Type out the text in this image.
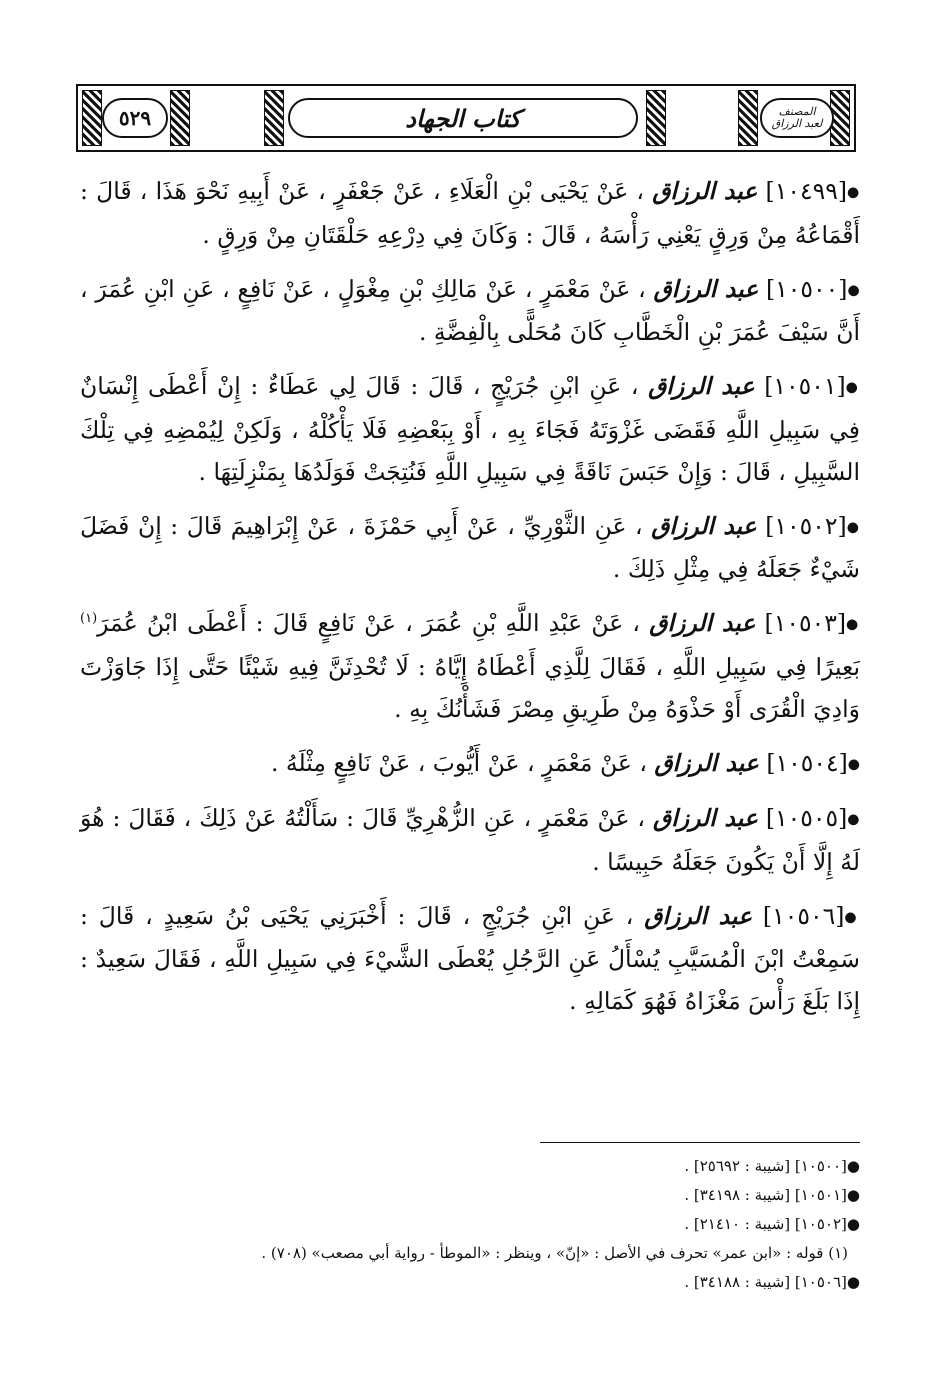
٥٢٩	كتاب الجهاد	المصنف
لعبد الرزاق
●[١٠٤٩٩] عبد الرزاق ، عَنْ يَحْيَى بْنِ الْعَلَاءِ ، عَنْ جَعْفَرٍ ، عَنْ أَبِيهِ نَحْوَ هَذَا ، قَالَ : أَقْمَاعُهُ مِنْ وَرِقٍ يَعْنِي رَأْسَهُ ، قَالَ : وَكَانَ فِي دِرْعِهِ حَلْقَتَانِ مِنْ وَرِقٍ .
●[١٠٥٠٠] عبد الرزاق ، عَنْ مَعْمَرٍ ، عَنْ مَالِكِ بْنِ مِغْوَلٍ ، عَنْ نَافِعٍ ، عَنِ ابْنِ عُمَرَ ، أَنَّ سَيْفَ عُمَرَ بْنِ الْخَطَّابِ كَانَ مُحَلًّى بِالْفِضَّةِ .
●[١٠٥٠١] عبد الرزاق ، عَنِ ابْنِ جُرَيْجٍ ، قَالَ : قَالَ لِي عَطَاءٌ : إِنْ أَعْطَى إِنْسَانٌ فِي سَبِيلِ اللَّهِ فَقَضَى غَزْوَتَهُ فَجَاءَ بِهِ ، أَوْ بِبَعْضِهِ فَلَا يَأْكُلْهُ ، وَلَكِنْ لِيُمْضِهِ فِي تِلْكَ السَّبِيلِ ، قَالَ : وَإِنْ حَبَسَ نَاقَةً فِي سَبِيلِ اللَّهِ فَنُتِجَتْ فَوَلَدُهَا بِمَنْزِلَتِهَا .
●[١٠٥٠٢] عبد الرزاق ، عَنِ الثَّوْرِيِّ ، عَنْ أَبِي حَمْزَةَ ، عَنْ إِبْرَاهِيمَ قَالَ : إِنْ فَضَلَ شَيْءٌ جَعَلَهُ فِي مِثْلِ ذَلِكَ .
●[١٠٥٠٣] عبد الرزاق ، عَنْ عَبْدِ اللَّهِ بْنِ عُمَرَ ، عَنْ نَافِعٍ قَالَ : أَعْطَى ابْنُ عُمَرَ$^{(١)}$ بَعِيرًا فِي سَبِيلِ اللَّهِ ، فَقَالَ لِلَّذِي أَعْطَاهُ إِيَّاهُ : لَا تُحْدِثَنَّ فِيهِ شَيْئًا حَتَّى إِذَا جَاوَزْتَ وَادِيَ الْقُرَى أَوْ حَذْوَهُ مِنْ طَرِيقِ مِصْرَ فَشَأْنُكَ بِهِ .
●[١٠٥٠٤] عبد الرزاق ، عَنْ مَعْمَرٍ ، عَنْ أَيُّوبَ ، عَنْ نَافِعٍ مِثْلَهُ .
●[١٠٥٠٥] عبد الرزاق ، عَنْ مَعْمَرٍ ، عَنِ الزُّهْرِيِّ قَالَ : سَأَلْتُهُ عَنْ ذَلِكَ ، فَقَالَ : هُوَ لَهُ إِلَّا أَنْ يَكُونَ جَعَلَهُ حَبِيسًا .
●[١٠٥٠٦] عبد الرزاق ، عَنِ ابْنِ جُرَيْجٍ ، قَالَ : أَخْبَرَنِي يَحْيَى بْنُ سَعِيدٍ ، قَالَ : سَمِعْتُ ابْنَ الْمُسَيَّبِ يُسْأَلُ عَنِ الرَّجُلِ يُعْطَى الشَّيْءَ فِي سَبِيلِ اللَّهِ ، فَقَالَ سَعِيدٌ : إِذَا بَلَغَ رَأْسَ مَغْزَاهُ فَهُوَ كَمَالِهِ .
●[١٠٥٠٠] [شيبة : ٢٥٦٩٢] .
●[١٠٥٠١] [شيبة : ٣٤١٩٨] .
●[١٠٥٠٢] [شيبة : ٢١٤١٠] .
(١) قوله : «ابن عمر» تحرف في الأصل : «إنّ» ، وينظر : «الموطأ - رواية أبي مصعب» (٧٠٨) .
●[١٠٥٠٦] [شيبة : ٣٤١٨٨] .
